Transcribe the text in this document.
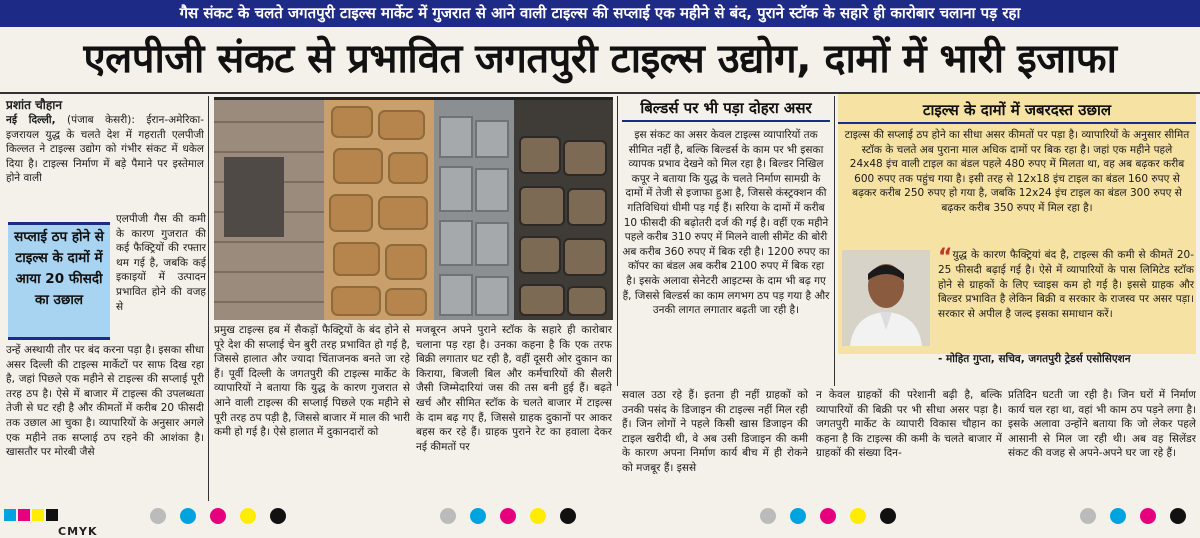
गैस संकट के चलते जगतपुरी टाइल्स मार्केट में गुजरात से आने वाली टाइल्स की सप्लाई एक महीने से बंद, पुराने स्टॉक के सहारे ही कारोबार चलाना पड़ रहा
एलपीजी संकट से प्रभावित जगतपुरी टाइल्स उद्योग, दामों में भारी इजाफा
प्रशांत चौहान
नई दिल्ली, (पंजाब केसरी): ईरान-अमेरिका-इजरायल युद्ध के चलते देश में गहराती एलपीजी किल्लत ने टाइल्स उद्योग को गंभीर संकट में धकेल दिया है। टाइल्स निर्माण में बड़े पैमाने पर इस्तेमाल होने वाली
सप्लाई ठप होने से टाइल्स के दामों में आया 20 फीसदी का उछाल
एलपीजी गैस की कमी के कारण गुजरात की कई फैक्ट्रियों की रफ्तार थम गई है, जबकि कई इकाइयों में उत्पादन प्रभावित होने की वजह से
उन्हें अस्थायी तौर पर बंद करना पड़ा है। इसका सीधा असर दिल्ली की टाइल्स मार्केटों पर साफ दिख रहा है, जहां पिछले एक महीने से टाइल्स की सप्लाई पूरी तरह ठप है। ऐसे में बाजार में टाइल्स की उपलब्धता तेजी से घट रही है और कीमतों में करीब 20 फीसदी तक उछाल आ चुका है। व्यापारियों के अनुसार अगले एक महीने तक सप्लाई ठप रहने की आशंका है। खासतौर पर मोरबी जैसे
प्रमुख टाइल्स हब में सैकड़ों फैक्ट्रियों के बंद होने से पूरे देश की सप्लाई चेन बुरी तरह प्रभावित हो गई है, जिससे हालात और ज्यादा चिंताजनक बनते जा रहे हैं। पूर्वी दिल्ली के जगतपुरी की टाइल्स मार्केट के व्यापारियों ने बताया कि युद्ध के कारण गुजरात से आने वाली टाइल्स की सप्लाई पिछले एक महीने से पूरी तरह ठप पड़ी है, जिससे बाजार में माल की भारी कमी हो गई है। ऐसे हालात में दुकानदारों को
मजबूरन अपने पुराने स्टॉक के सहारे ही कारोबार चलाना पड़ रहा है। उनका कहना है कि एक तरफ बिक्री लगातार घट रही है, वहीं दूसरी ओर दुकान का किराया, बिजली बिल और कर्मचारियों की सैलरी जैसी जिम्मेदारियां जस की तस बनी हुई हैं। बढ़ते खर्च और सीमित स्टॉक के चलते बाजार में टाइल्स के दाम बढ़ गए हैं, जिससे ग्राहक दुकानों पर आकर बहस कर रहे हैं। ग्राहक पुराने रेट का हवाला देकर नई कीमतों पर
बिल्डर्स पर भी पड़ा दोहरा असर
इस संकट का असर केवल टाइल्स व्यापारियों तक सीमित नहीं है, बल्कि बिल्डर्स के काम पर भी इसका व्यापक प्रभाव देखने को मिल रहा है। बिल्डर निखिल कपूर ने बताया कि युद्ध के चलते निर्माण सामग्री के दामों में तेजी से इजाफा हुआ है, जिससे कंस्ट्रक्शन की गतिविधियां धीमी पड़ गई हैं। सरिया के दामों में करीब 10 फीसदी की बढ़ोतरी दर्ज की गई है। वहीं एक महीने पहले करीब 310 रुपए में मिलने वाली सीमेंट की बोरी अब करीब 360 रुपए में बिक रही है। 1200 रुपए का कॉपर का बंडल अब करीब 2100 रुपए में बिक रहा है। इसके अलावा सेनेटरी आइटम्स के दाम भी बढ़ गए हैं, जिससे बिल्डर्स का काम लगभग ठप पड़ गया है और उनकी लागत लगातार बढ़ती जा रही है।
टाइल्स के दामों में जबरदस्त उछाल
टाइल्स की सप्लाई ठप होने का सीधा असर कीमतों पर पड़ा है। व्यापारियों के अनुसार सीमित स्टॉक के चलते अब पुराना माल अधिक दामों पर बिक रहा है। जहां एक महीने पहले 24x48 इंच वाली टाइल का बंडल पहले 480 रुपए में मिलता था, वह अब बढ़कर करीब 600 रुपए तक पहुंच गया है। इसी तरह से 12x18 इंच टाइल का बंडल 160 रुपए से बढ़कर करीब 250 रुपए हो गया है, जबकि 12x24 इंच टाइल का बंडल 300 रुपए से बढ़कर करीब 350 रुपए में मिल रहा है।
“युद्ध के कारण फैक्ट्रियां बंद है, टाइल्स की कमी से कीमतें 20-25 फीसदी बढ़ाई गई है। ऐसे में व्यापारियों के पास लिमिटेड स्टॉक होने से ग्राहकों के लिए च्वाइस कम हो गई है। इससे ग्राहक और बिल्डर प्रभावित है लेकिन बिक्री व सरकार के राजस्व पर असर पड़ा। सरकार से अपील है जल्द इसका समाधान करें।
- मोहित गुप्ता, सचिव, जगतपुरी ट्रेडर्स एसोसिएशन
सवाल उठा रहे हैं। इतना ही नहीं ग्राहकों को उनकी पसंद के डिजाइन की टाइल्स नहीं मिल रही हैं। जिन लोगों ने पहले किसी खास डिजाइन की टाइल खरीदी थी, वे अब उसी डिजाइन की कमी के कारण अपना निर्माण कार्य बीच में ही रोकने को मजबूर हैं। इससे
न केवल ग्राहकों की परेशानी बढ़ी है, बल्कि व्यापारियों की बिक्री पर भी सीधा असर पड़ा है। जगतपुरी मार्केट के व्यापारी विकास चौहान का कहना है कि टाइल्स की कमी के चलते बाजार में ग्राहकों की संख्या दिन-
प्रतिदिन घटती जा रही है। जिन घरों में निर्माण कार्य चल रहा था, वहां भी काम ठप पड़ने लगा है। इसके अलावा उन्होंने बताया कि जो लेकर पहले आसानी से मिल जा रही थी। अब वह सिलेंडर संकट की वजह से अपने-अपने घर जा रहे हैं।
CMYK
